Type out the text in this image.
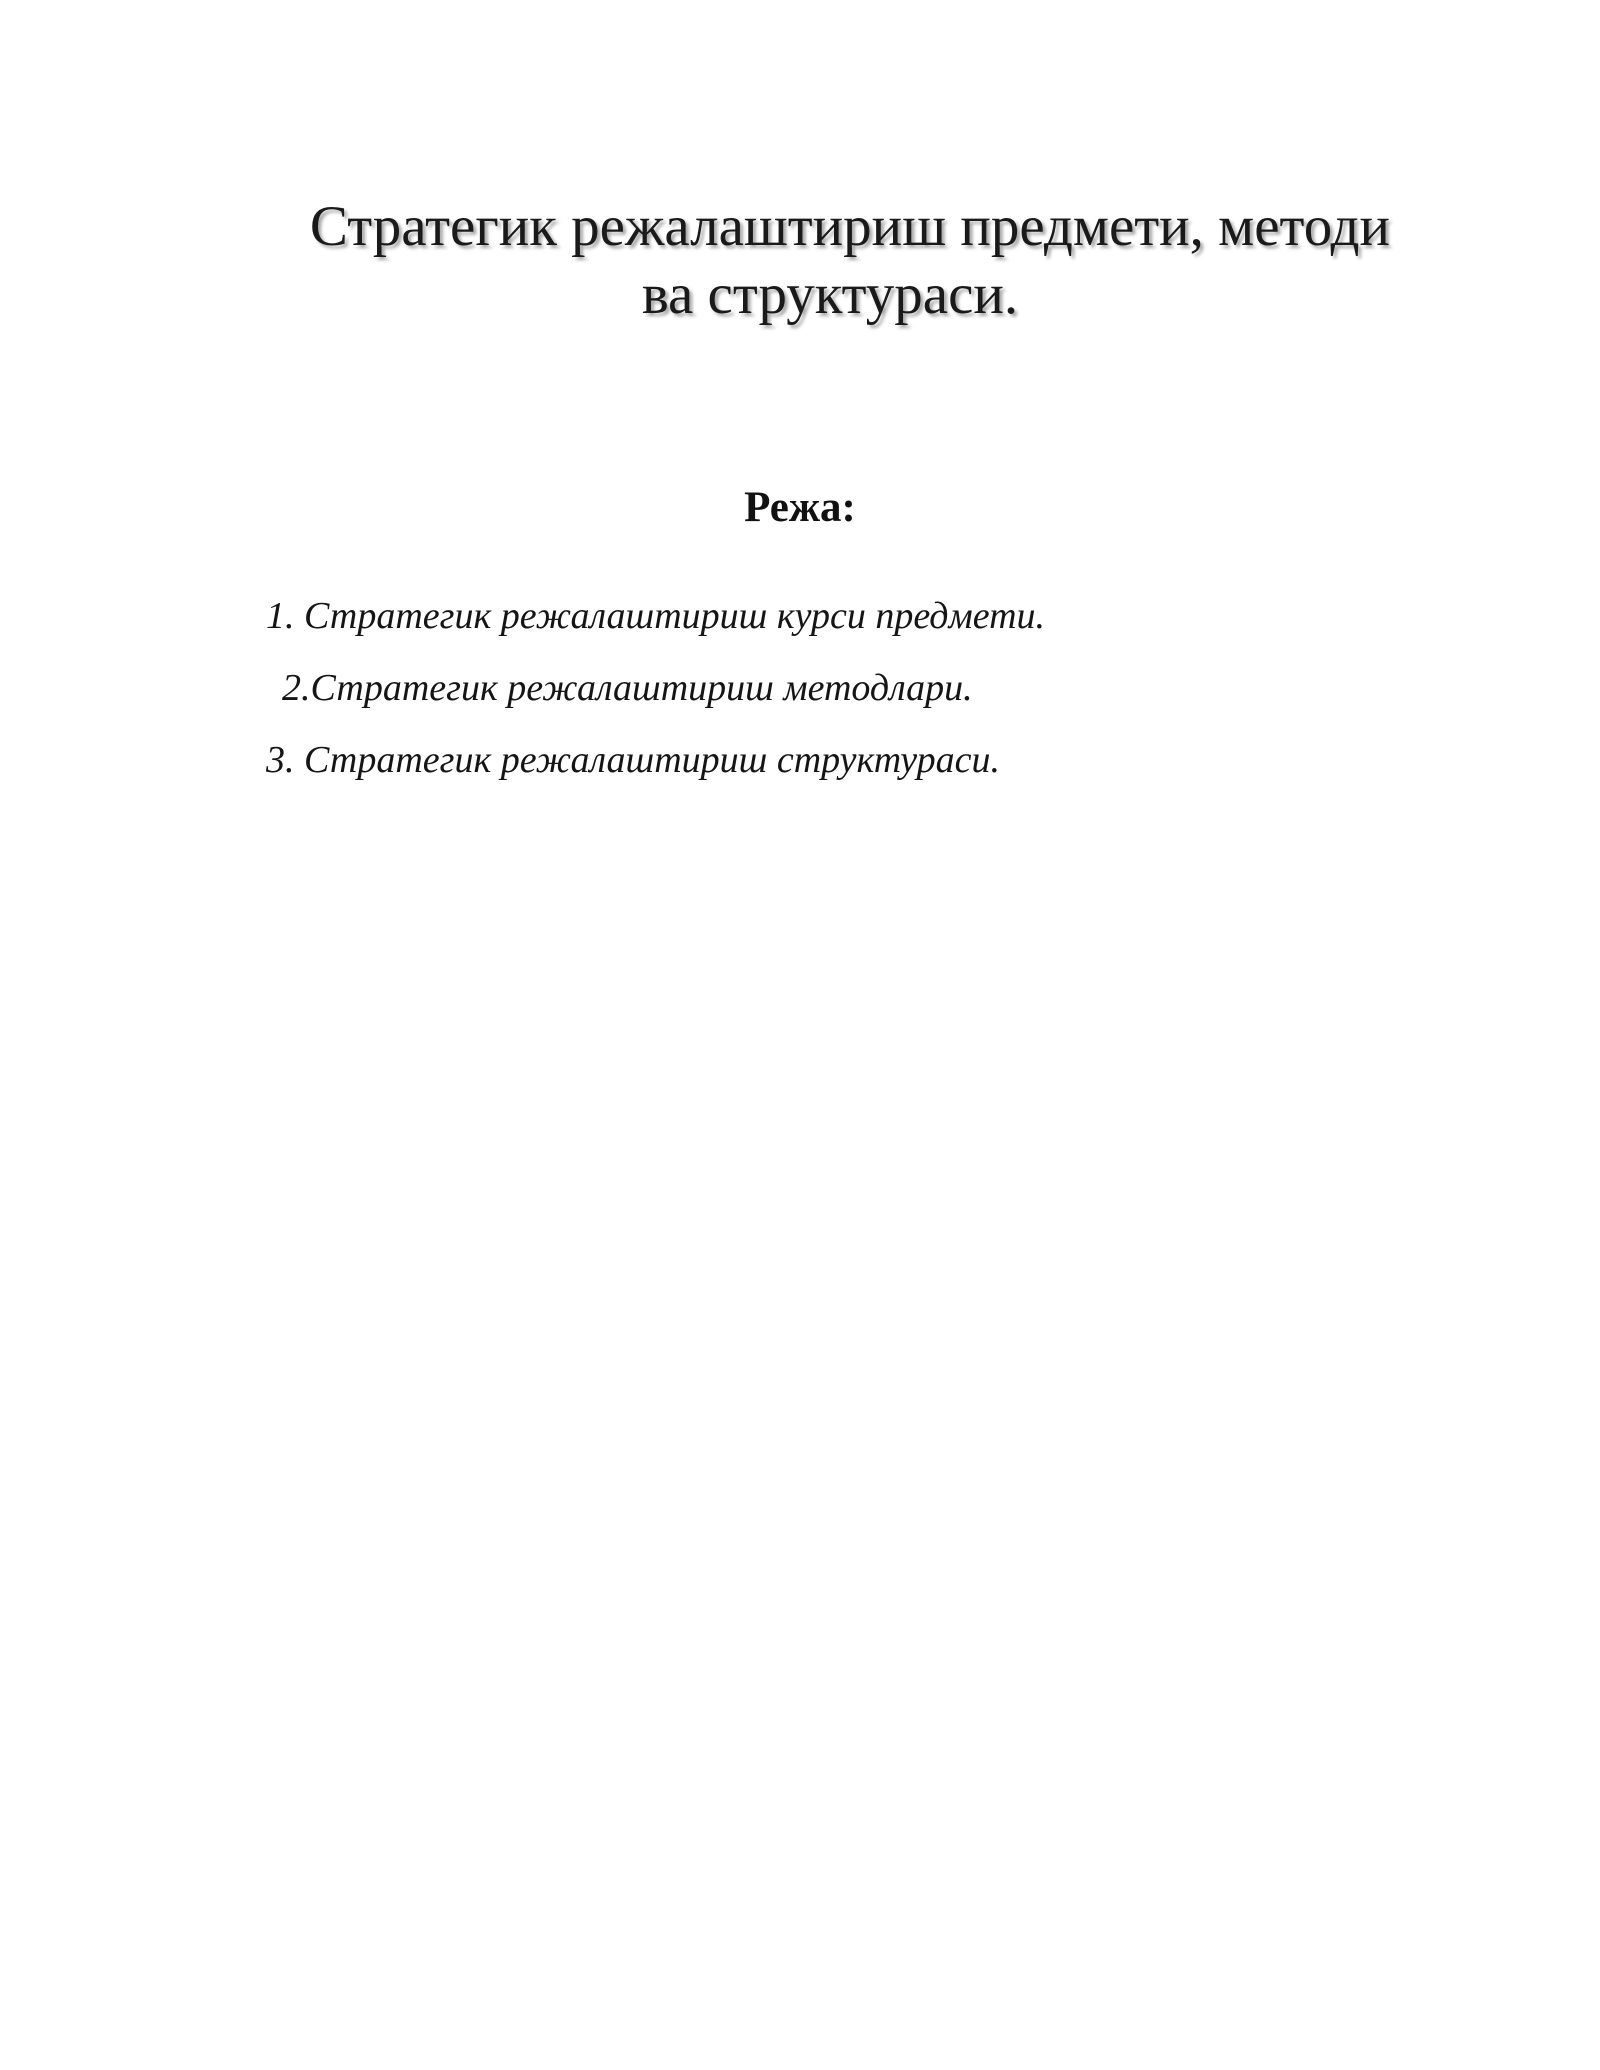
Стратегик режалаштириш предмети, методи
ва структураси.
Режа:
1. Стратегик режалаштириш курси предмети.
2.Стратегик режалаштириш методлари.
3. Стратегик режалаштириш структураси.
